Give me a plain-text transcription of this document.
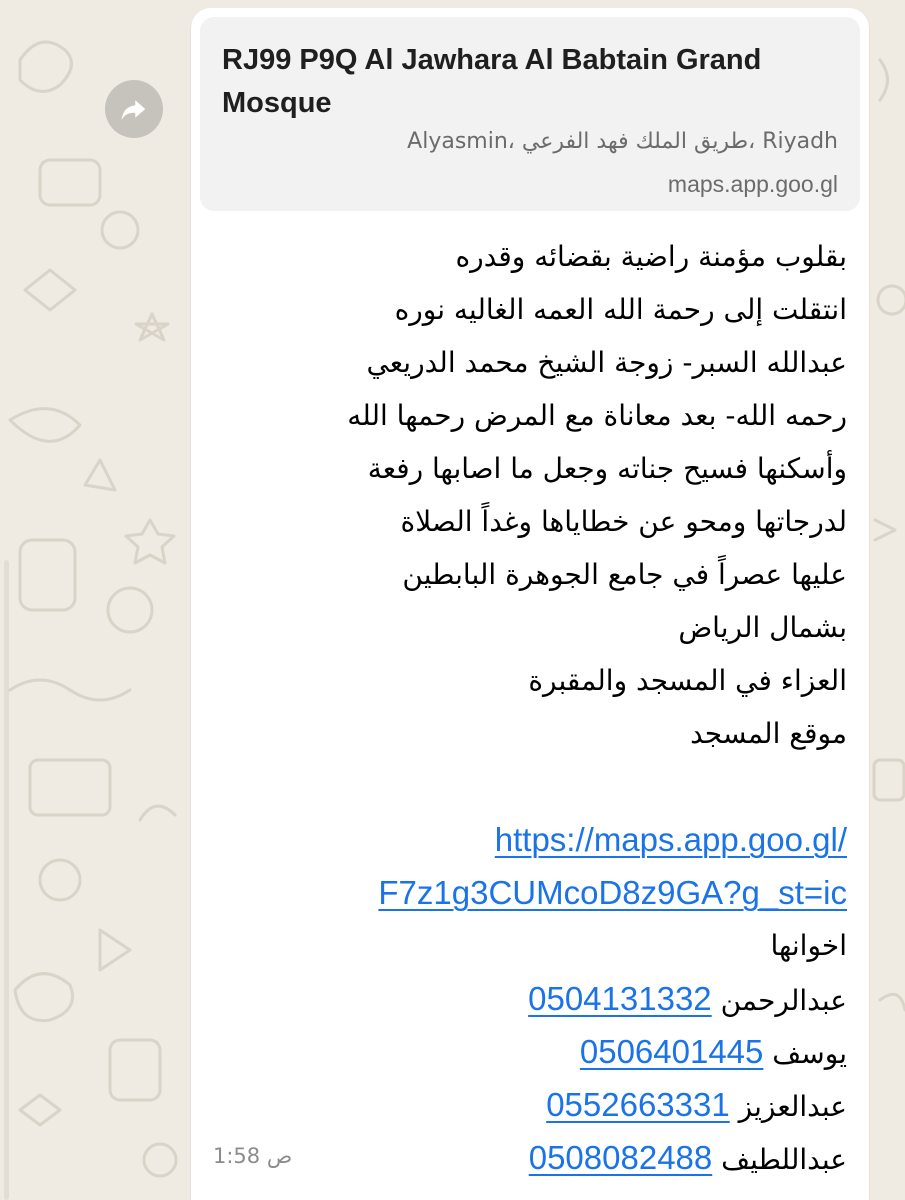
RJ99 P9Q Al Jawhara Al Babtain Grand Mosque
Alyasmin، طريق الملك فهد الفرعي، Riyadh
maps.app.goo.gl
بقلوب مؤمنة راضية بقضائه وقدره
انتقلت إلى رحمة الله العمه الغاليه نوره
عبدالله السبر- زوجة الشيخ محمد الدريعي
رحمه الله- بعد معاناة مع المرض رحمها الله
وأسكنها فسيح جناته وجعل ما اصابها رفعة
لدرجاتها ومحو عن خطاياها وغداً الصلاة
عليها عصراً في جامع الجوهرة البابطين
بشمال الرياض
العزاء في المسجد والمقبرة
موقع المسجد
https://maps.app.goo.gl/
F7z1g3CUMcoD8z9GA?g_st=ic
اخوانها
عبدالرحمن 0504131332
يوسف 0506401445
عبدالعزيز 0552663331
عبداللطيف 0508082488
ص 1:58
